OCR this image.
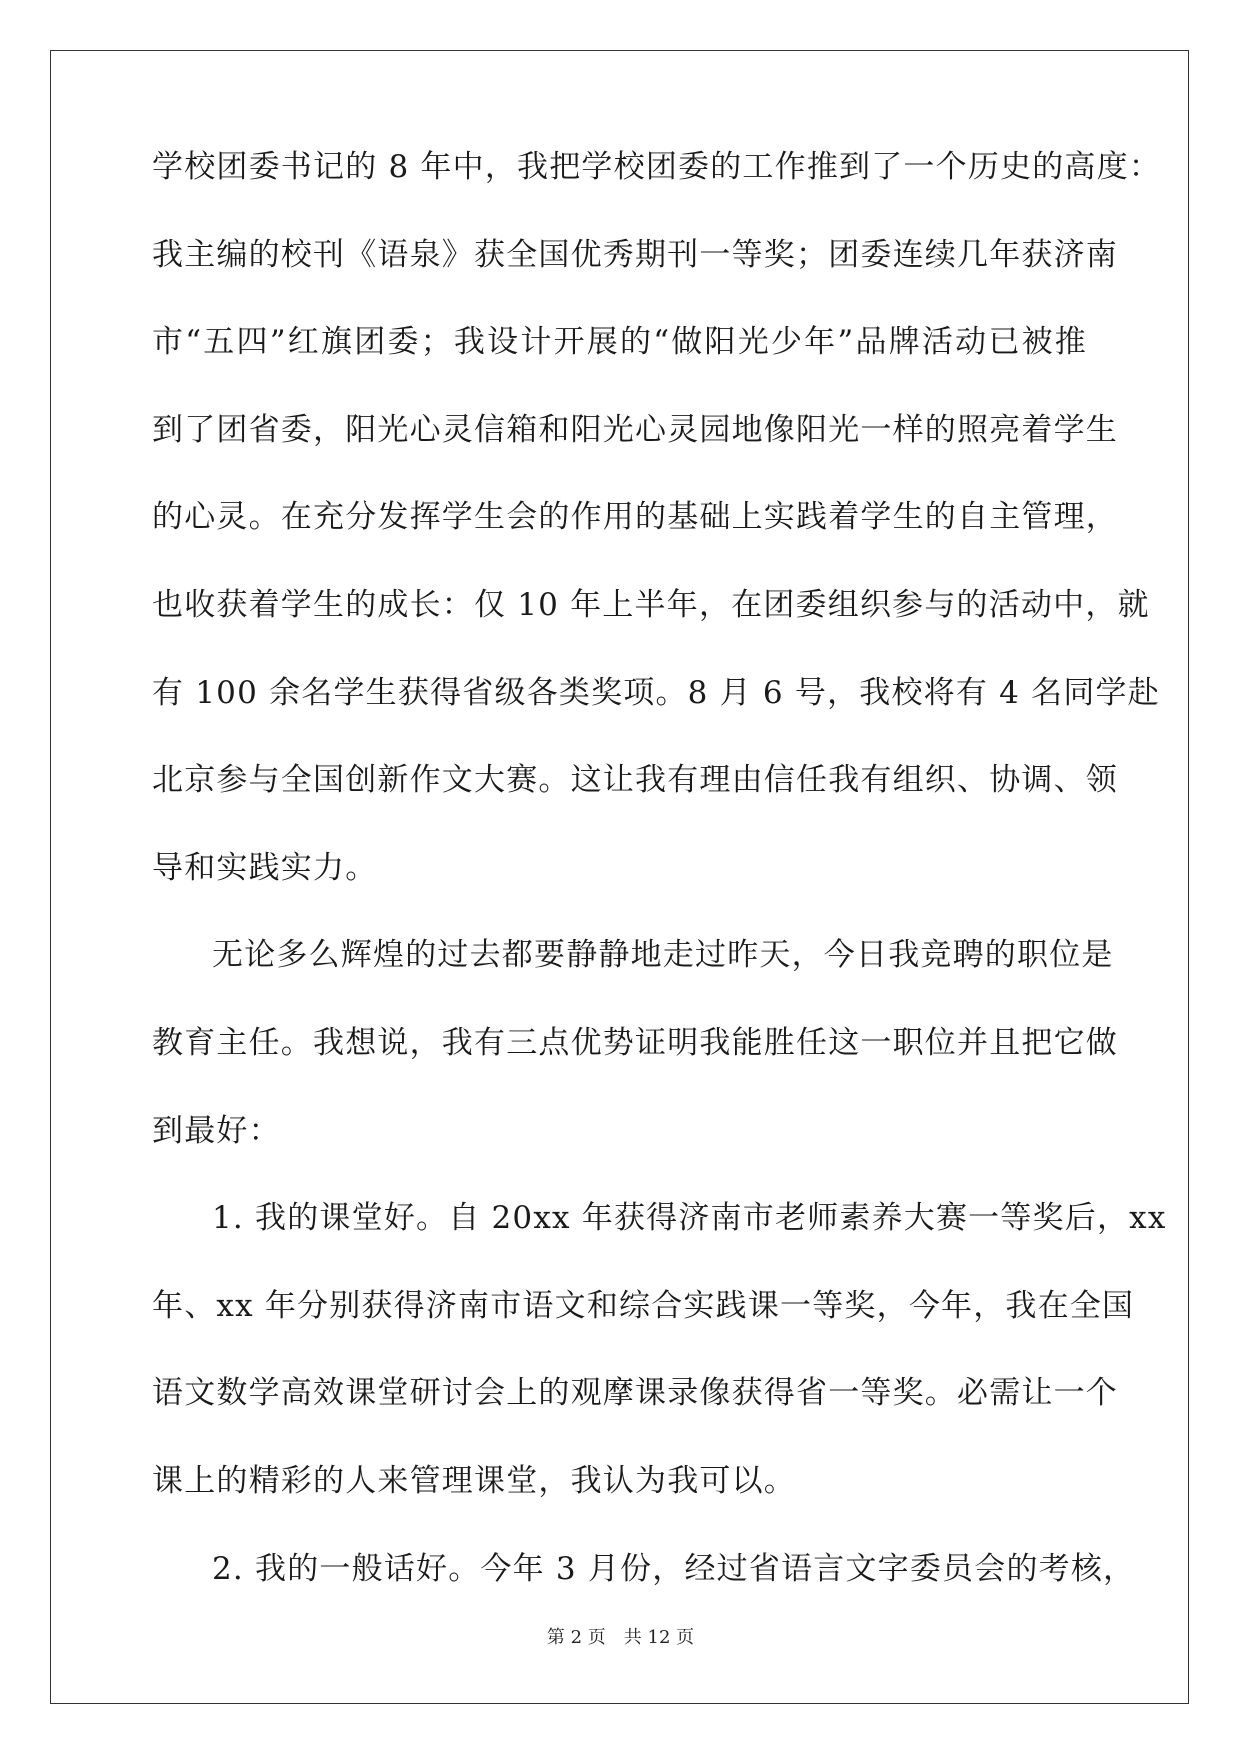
学校团委书记的 8 年中，我把学校团委的工作推到了一个历史的高度：
我主编的校刊《语泉》获全国优秀期刊一等奖；团委连续几年获济南
市“五四”红旗团委；我设计开展的“做阳光少年”品牌活动已被推
到了团省委，阳光心灵信箱和阳光心灵园地像阳光一样的照亮着学生
的心灵。在充分发挥学生会的作用的基础上实践着学生的自主管理，
也收获着学生的成长：仅 10 年上半年，在团委组织参与的活动中，就
有 100 余名学生获得省级各类奖项。8 月 6 号，我校将有 4 名同学赴
北京参与全国创新作文大赛。这让我有理由信任我有组织、协调、领
导和实践实力。
无论多么辉煌的过去都要静静地走过昨天，今日我竞聘的职位是
教育主任。我想说，我有三点优势证明我能胜任这一职位并且把它做
到最好：
1. 我的课堂好。自 20xx 年获得济南市老师素养大赛一等奖后，xx
年、xx 年分别获得济南市语文和综合实践课一等奖，今年，我在全国
语文数学高效课堂研讨会上的观摩课录像获得省一等奖。必需让一个
课上的精彩的人来管理课堂，我认为我可以。
2. 我的一般话好。今年 3 月份，经过省语言文字委员会的考核，
第 2 页　共 12 页
